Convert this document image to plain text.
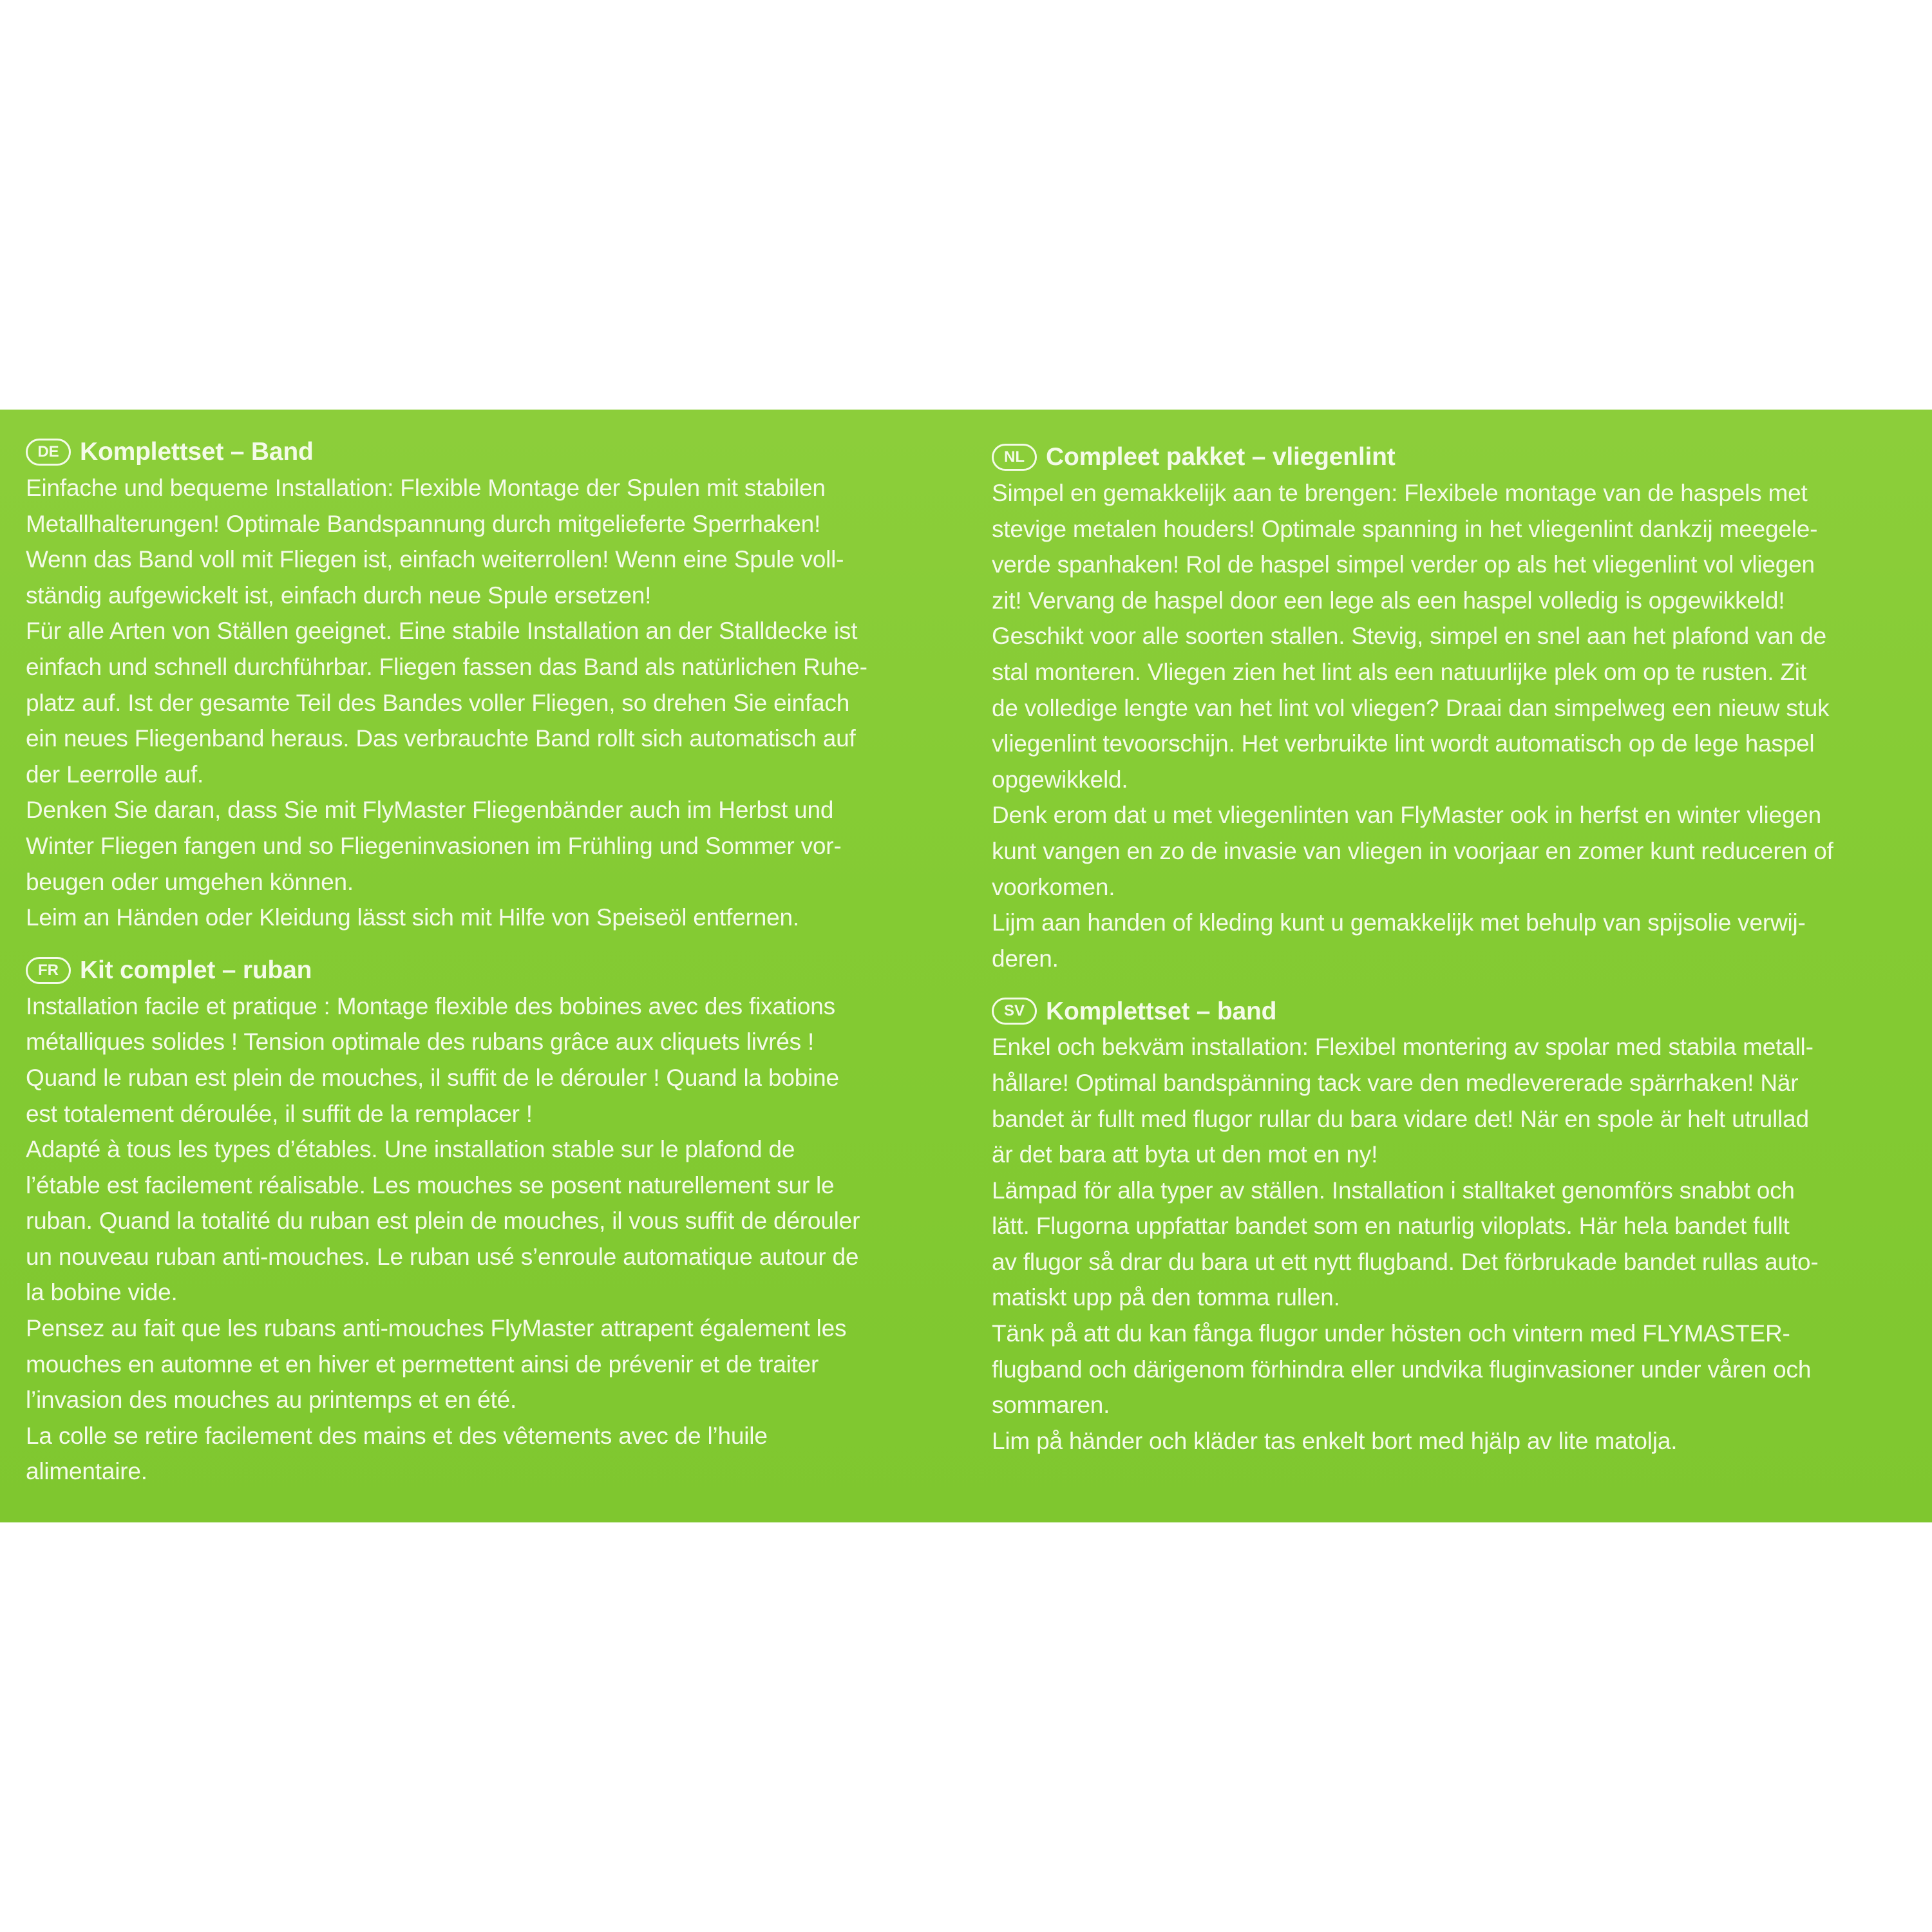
DE Komplettset – Band
Einfache und bequeme Installation: Flexible Montage der Spulen mit stabilen
Metallhalterungen! Optimale Bandspannung durch mitgelieferte Sperrhaken!
Wenn das Band voll mit Fliegen ist, einfach weiterrollen! Wenn eine Spule voll-
ständig aufgewickelt ist, einfach durch neue Spule ersetzen!
Für alle Arten von Ställen geeignet. Eine stabile Installation an der Stalldecke ist
einfach und schnell durchführbar. Fliegen fassen das Band als natürlichen Ruhe-
platz auf. Ist der gesamte Teil des Bandes voller Fliegen, so drehen Sie einfach
ein neues Fliegenband heraus. Das verbrauchte Band rollt sich automatisch auf
der Leerrolle auf.
Denken Sie daran, dass Sie mit FlyMaster Fliegenbänder auch im Herbst und
Winter Fliegen fangen und so Fliegeninvasionen im Frühling und Sommer vor-
beugen oder umgehen können.
Leim an Händen oder Kleidung lässt sich mit Hilfe von Speiseöl entfernen.
FR Kit complet – ruban
Installation facile et pratique : Montage flexible des bobines avec des fixations
métalliques solides ! Tension optimale des rubans grâce aux cliquets livrés !
Quand le ruban est plein de mouches, il suffit de le dérouler ! Quand la bobine
est totalement déroulée, il suffit de la remplacer !
Adapté à tous les types d’étables. Une installation stable sur le plafond de
l’étable est facilement réalisable. Les mouches se posent naturellement sur le
ruban. Quand la totalité du ruban est plein de mouches, il vous suffit de dérouler
un nouveau ruban anti-mouches. Le ruban usé s’enroule automatique autour de
la bobine vide.
Pensez au fait que les rubans anti-mouches FlyMaster attrapent également les
mouches en automne et en hiver et permettent ainsi de prévenir et de traiter
l’invasion des mouches au printemps et en été.
La colle se retire facilement des mains et des vêtements avec de l’huile
alimentaire.
NL Compleet pakket – vliegenlint
Simpel en gemakkelijk aan te brengen: Flexibele montage van de haspels met
stevige metalen houders! Optimale spanning in het vliegenlint dankzij meegele-
verde spanhaken! Rol de haspel simpel verder op als het vliegenlint vol vliegen
zit! Vervang de haspel door een lege als een haspel volledig is opgewikkeld!
Geschikt voor alle soorten stallen. Stevig, simpel en snel aan het plafond van de
stal monteren. Vliegen zien het lint als een natuurlijke plek om op te rusten. Zit
de volledige lengte van het lint vol vliegen? Draai dan simpelweg een nieuw stuk
vliegenlint tevoorschijn. Het verbruikte lint wordt automatisch op de lege haspel
opgewikkeld.
Denk erom dat u met vliegenlinten van FlyMaster ook in herfst en winter vliegen
kunt vangen en zo de invasie van vliegen in voorjaar en zomer kunt reduceren of
voorkomen.
Lijm aan handen of kleding kunt u gemakkelijk met behulp van spijsolie verwij-
deren.
SV Komplettset – band
Enkel och bekväm installation: Flexibel montering av spolar med stabila metall-
hållare! Optimal bandspänning tack vare den medlevererade spärrhaken! När
bandet är fullt med flugor rullar du bara vidare det! När en spole är helt utrullad
är det bara att byta ut den mot en ny!
Lämpad för alla typer av ställen. Installation i stalltaket genomförs snabbt och
lätt. Flugorna uppfattar bandet som en naturlig viloplats. Här hela bandet fullt
av flugor så drar du bara ut ett nytt flugband. Det förbrukade bandet rullas auto-
matiskt upp på den tomma rullen.
Tänk på att du kan fånga flugor under hösten och vintern med FLYMASTER-
flugband och därigenom förhindra eller undvika fluginvasioner under våren och
sommaren.
Lim på händer och kläder tas enkelt bort med hjälp av lite matolja.
